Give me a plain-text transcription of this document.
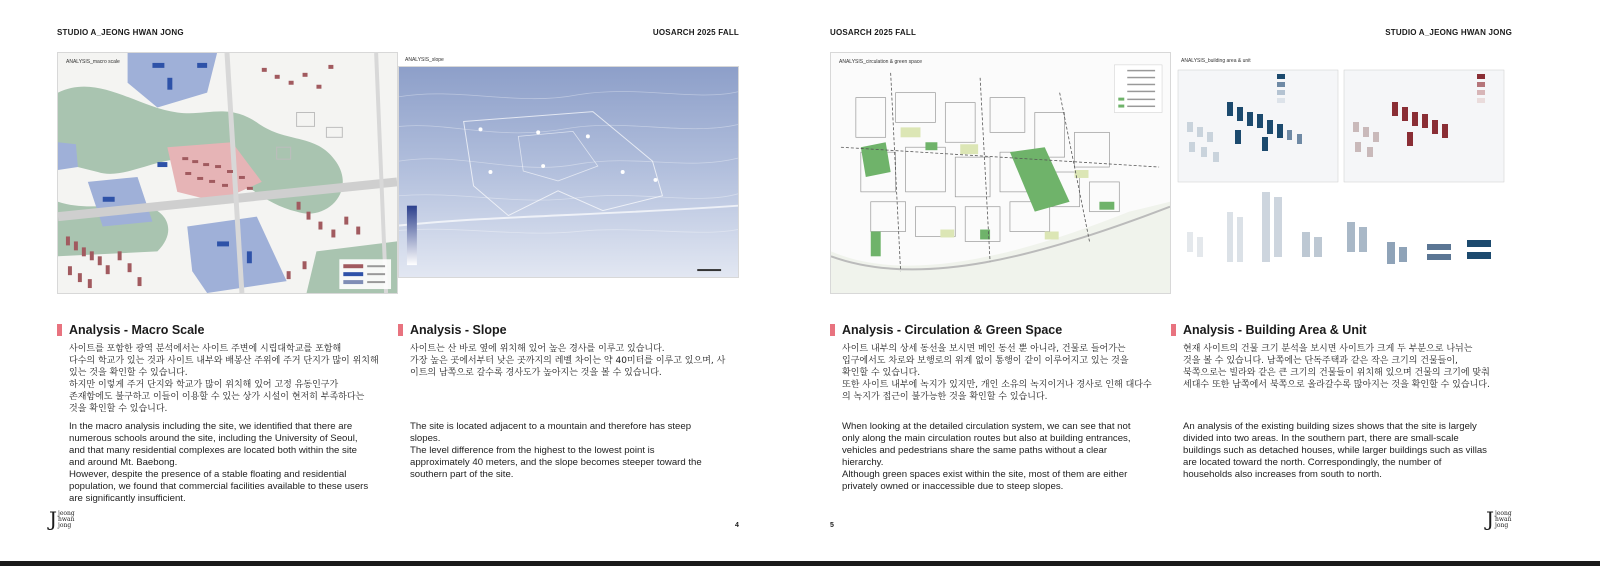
STUDIO A_JEONG HWAN JONG	UOSARCH 2025 FALL
ANALYSIS_macro scale	ANALYSIS_slope
Analysis - Macro Scale
사이트를 포함한 광역 분석에서는 사이트 주변에 시립대학교를 포함해
다수의 학교가 있는 것과 사이트 내부와 배봉산 주위에 주거 단지가 많이 위치해
있는 것을 확인할 수 있습니다.
하지만 이렇게 주거 단지와 학교가 많이 위치해 있어 고정 유동인구가
존재함에도 불구하고 이들이 이용할 수 있는 상가 시설이 현저히 부족하다는
것을 확인할 수 있습니다.
In the macro analysis including the site, we identified that there are
numerous schools around the site, including the University of Seoul,
and that many residential complexes are located both within the site
and around Mt. Baebong.
However, despite the presence of a stable floating and residential
population, we found that commercial facilities available to these users
are significantly insufficient.
Analysis - Slope
사이트는 산 바로 옆에 위치해 있어 높은 경사를 이루고 있습니다.
가장 높은 곳에서부터 낮은 곳까지의 레벨 차이는 약 40미터를 이루고 있으며, 사
이트의 남쪽으로 갈수록 경사도가 높아지는 것을 볼 수 있습니다.
The site is located adjacent to a mountain and therefore has steep
slopes.
The level difference from the highest to the lowest point is
approximately 40 meters, and the slope becomes steeper toward the
southern part of the site.
J jeong hwan jong	4
UOSARCH 2025 FALL	STUDIO A_JEONG HWAN JONG
ANALYSIS_circulation & green space	ANALYSIS_building area & unit
Analysis - Circulation & Green Space
사이트 내부의 상세 동선을 보시면 메인 동선 뿐 아니라, 건물로 들어가는
입구에서도 차로와 보행로의 위계 없이 통행이 같이 이루어지고 있는 것을
확인할 수 있습니다.
또한 사이트 내부에 녹지가 있지만, 개인 소유의 녹지이거나 경사로 인해 대다수
의 녹지가 접근이 불가능한 것을 확인할 수 있습니다.
When looking at the detailed circulation system, we can see that not
only along the main circulation routes but also at building entrances,
vehicles and pedestrians share the same paths without a clear
hierarchy.
Although green spaces exist within the site, most of them are either
privately owned or inaccessible due to steep slopes.
Analysis - Building Area & Unit
현재 사이트의 건물 크기 분석을 보시면 사이트가 크게 두 부분으로 나뉘는
것을 볼 수 있습니다. 남쪽에는 단독주택과 같은 작은 크기의 건물들이,
북쪽으로는 빌라와 같은 큰 크기의 건물들이 위치해 있으며 건물의 크기에 맞춰
세대수 또한 남쪽에서 북쪽으로 올라갈수록 많아지는 것을 확인할 수 있습니다.
An analysis of the existing building sizes shows that the site is largely
divided into two areas. In the southern part, there are small-scale
buildings such as detached houses, while larger buildings such as villas
are located toward the north. Correspondingly, the number of
households also increases from south to north.
5	J jeong hwan jong
